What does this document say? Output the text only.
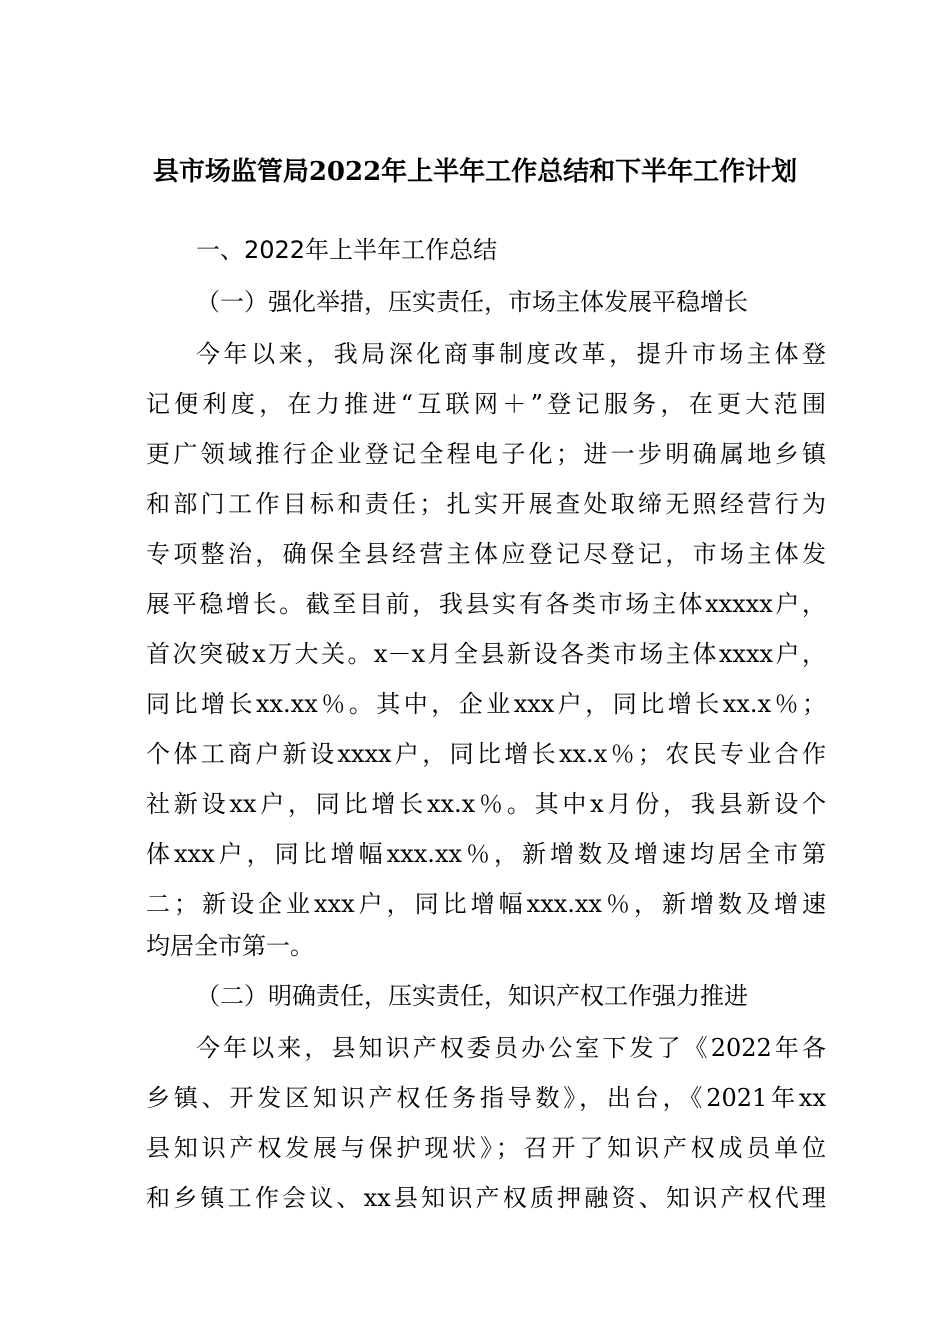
县市场监管局2022年上半年工作总结和下半年工作计划
一、2022年上半年工作总结
（一）强化举措，压实责任，市场主体发展平稳增长
今年以来，我局深化商事制度改革，提升市场主体登
记便利度，在力推进“互联网＋”登记服务，在更大范围
更广领域推行企业登记全程电子化；进一步明确属地乡镇
和部门工作目标和责任；扎实开展查处取缔无照经营行为
专项整治，确保全县经营主体应登记尽登记，市场主体发
展平稳增长。截至目前，我县实有各类市场主体xxxxx户，
首次突破x万大关。x－x月全县新设各类市场主体xxxx户，
同比增长xx.xx％。其中，企业xxx户，同比增长xx.x％；
个体工商户新设xxxx户，同比增长xx.x％；农民专业合作
社新设xx户，同比增长xx.x％。其中x月份，我县新设个
体xxx户，同比增幅xxx.xx％，新增数及增速均居全市第
二；新设企业xxx户，同比增幅xxx.xx％，新增数及增速
均居全市第一。
（二）明确责任，压实责任，知识产权工作强力推进
今年以来，县知识产权委员办公室下发了《2022年各
乡镇、开发区知识产权任务指导数》，出台，《2021年xx
县知识产权发展与保护现状》；召开了知识产权成员单位
和乡镇工作会议、xx县知识产权质押融资、知识产权代理
